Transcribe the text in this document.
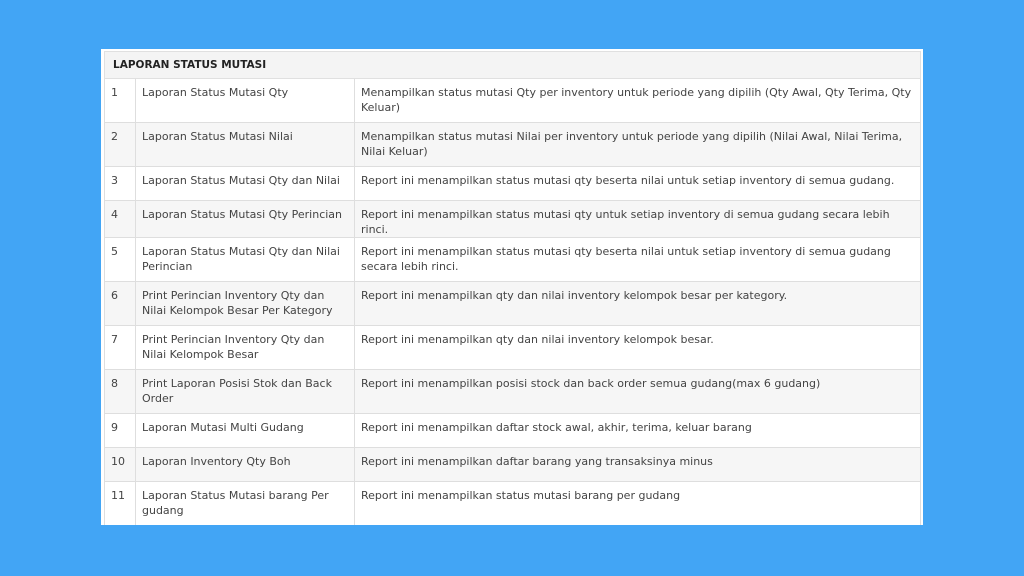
LAPORAN STATUS MUTASI		
1	Laporan Status Mutasi Qty	Menampilkan status mutasi Qty per inventory untuk periode yang dipilih (Qty Awal, Qty Terima, Qty Keluar)
2	Laporan Status Mutasi Nilai	Menampilkan status mutasi Nilai per inventory untuk periode yang dipilih (Nilai Awal, Nilai Terima, Nilai Keluar)
3	Laporan Status Mutasi Qty dan Nilai	Report ini menampilkan status mutasi qty beserta nilai untuk setiap inventory di semua gudang.
4	Laporan Status Mutasi Qty Perincian	Report ini menampilkan status mutasi qty untuk setiap inventory di semua gudang secara lebih rinci.
5	Laporan Status Mutasi Qty dan Nilai Perincian	Report ini menampilkan status mutasi qty beserta nilai untuk setiap inventory di semua gudang secara lebih rinci.
6	Print Perincian Inventory Qty dan Nilai Kelompok Besar Per Kategory	Report ini menampilkan qty dan nilai inventory kelompok besar per kategory.
7	Print Perincian Inventory Qty dan Nilai Kelompok Besar	Report ini menampilkan qty dan nilai inventory kelompok besar.
8	Print Laporan Posisi Stok dan Back Order	Report ini menampilkan posisi stock dan back order semua gudang(max 6 gudang)
9	Laporan Mutasi Multi Gudang	Report ini menampilkan daftar stock awal, akhir, terima, keluar barang
10	Laporan Inventory Qty Boh	Report ini menampilkan daftar barang yang transaksinya minus
11	Laporan Status Mutasi barang Per gudang	Report ini menampilkan status mutasi barang per gudang
